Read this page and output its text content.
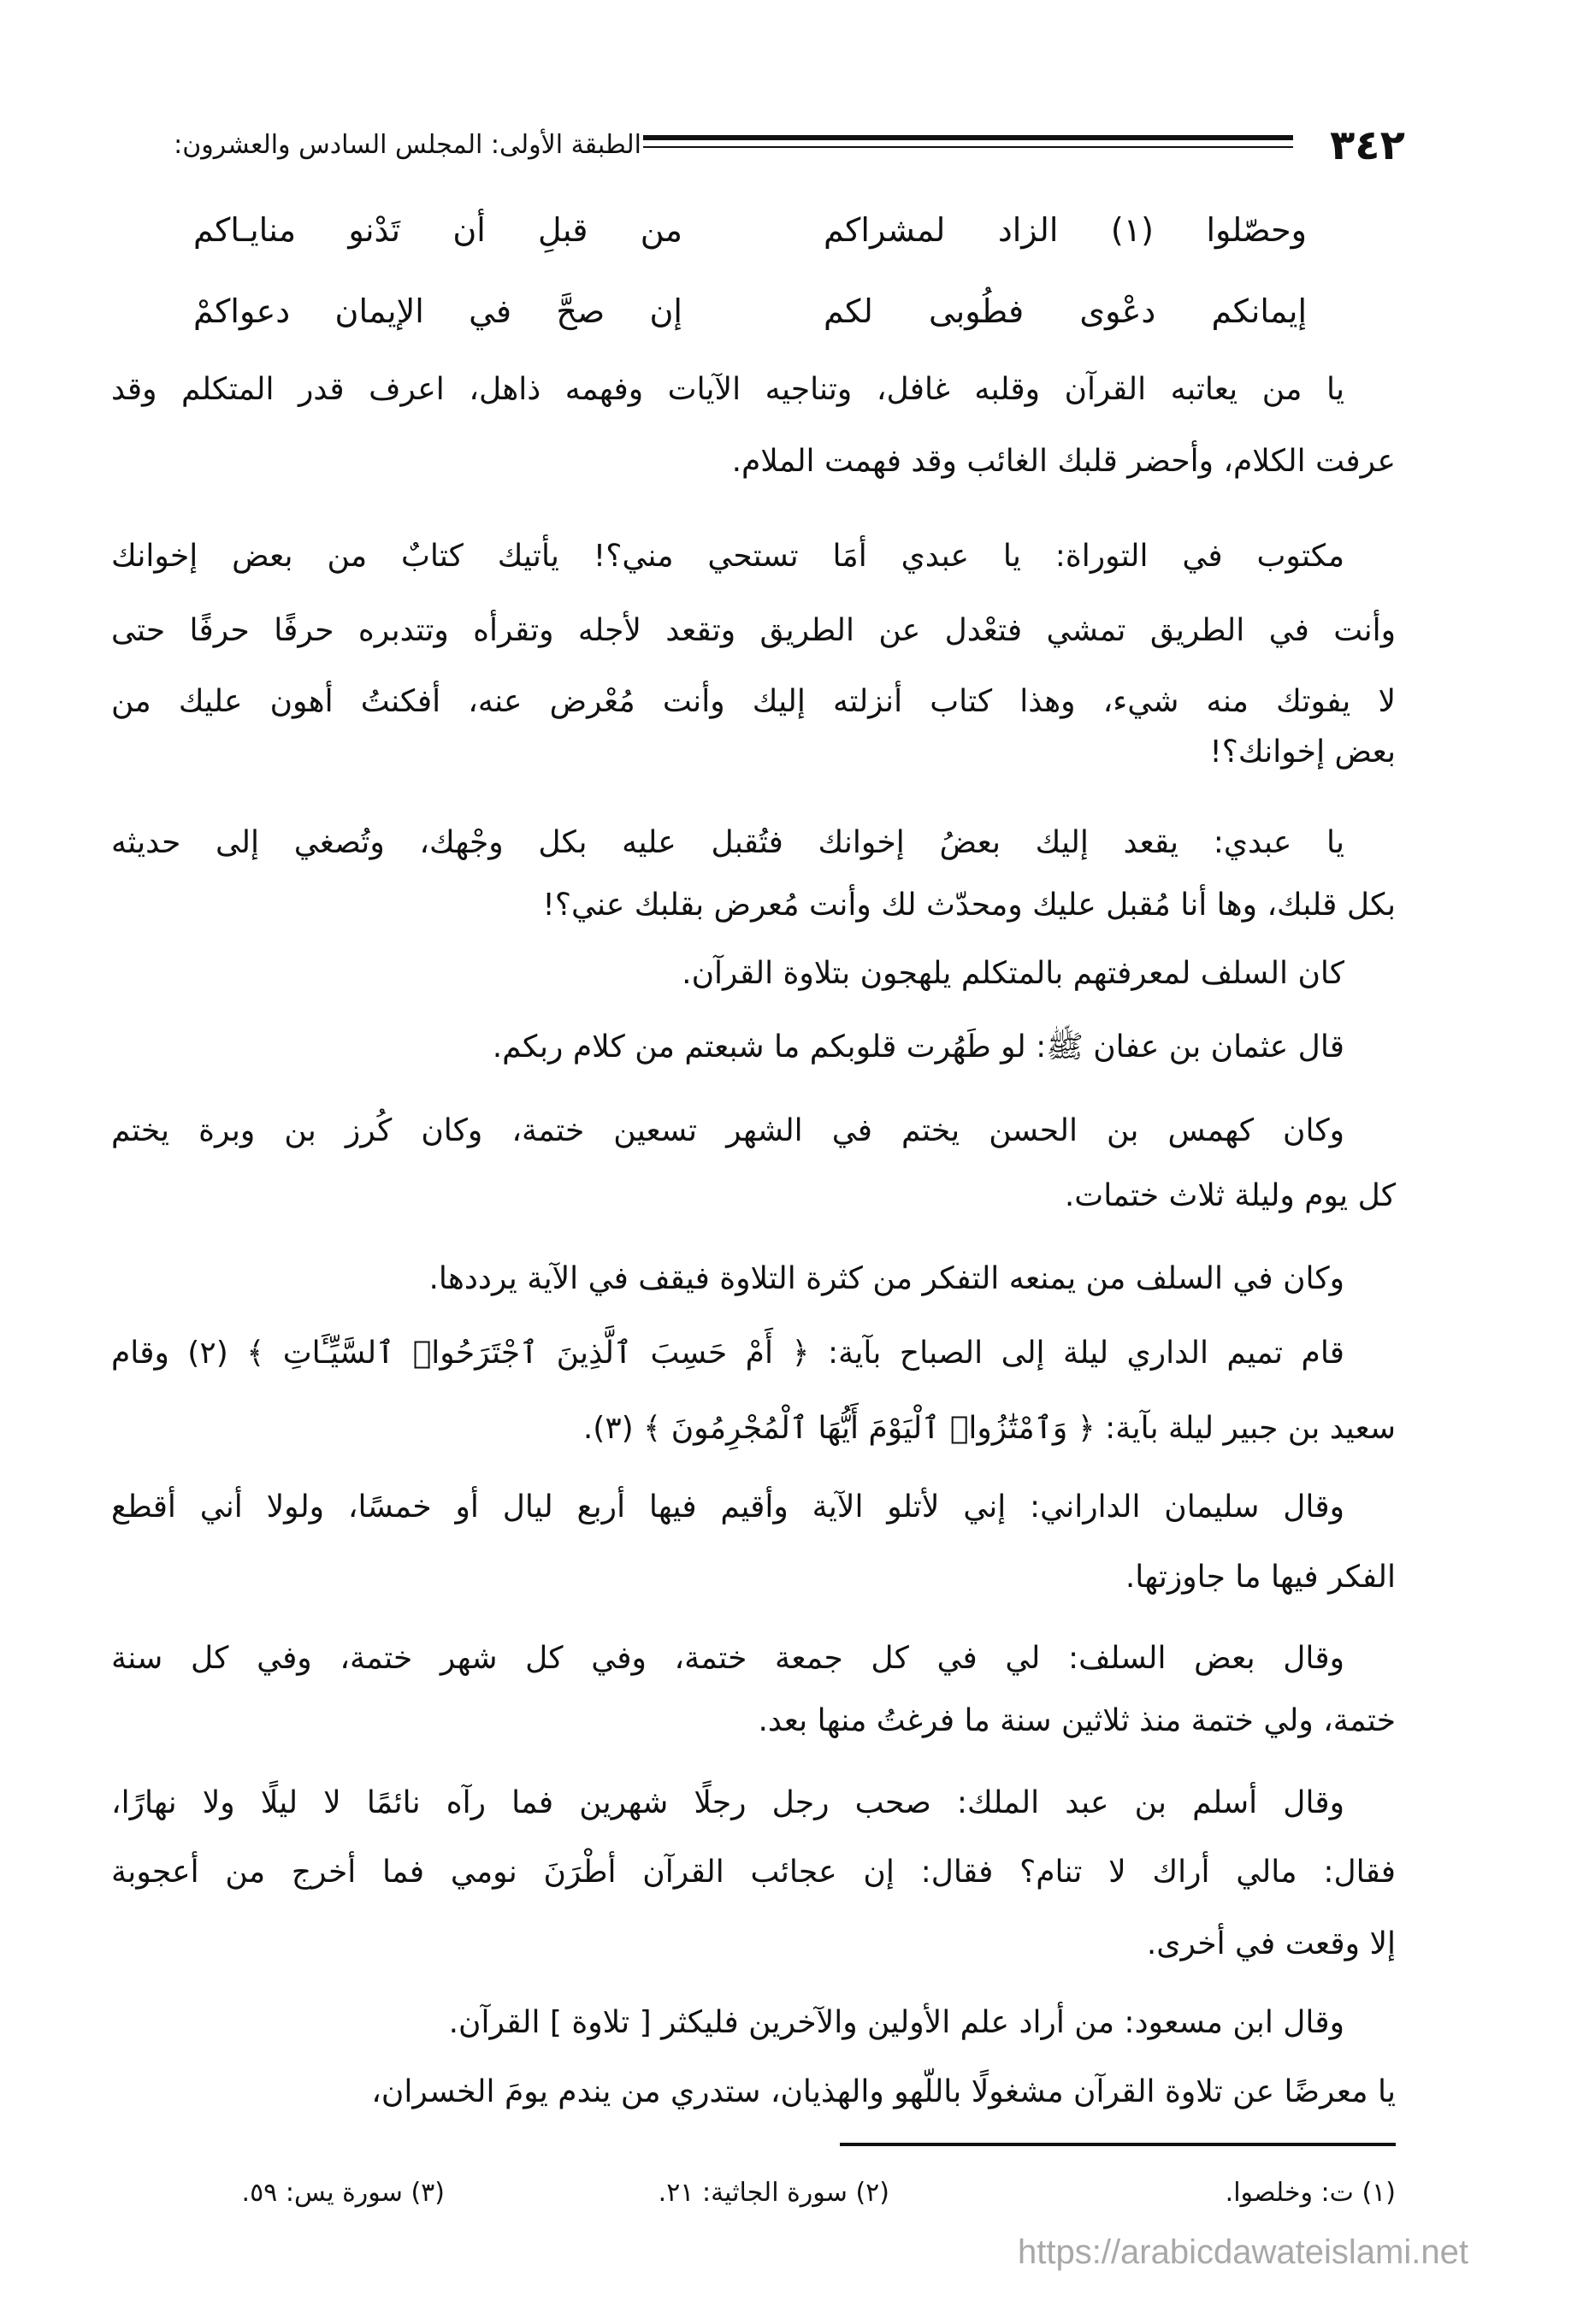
٣٤٢
الطبقة الأولى: المجلس السادس والعشرون:
وحصّلوا (١) الزاد لمشراكم
من قبلِ أن تَدْنو منايـاكم
إيمانكم دعْوى فطُوبى لكم
إن صحَّ في الإيمان دعواكمْ
يا من يعاتبه القرآن وقلبه غافل، وتناجيه الآيات وفهمه ذاهل، اعرف قدر المتكلم وقد
عرفت الكلام، وأحضر قلبك الغائب وقد فهمت الملام.
مكتوب في التوراة: يا عبدي أمَا تستحي مني؟! يأتيك كتابٌ من بعض إخوانك
وأنت في الطريق تمشي فتعْدل عن الطريق وتقعد لأجله وتقرأه وتتدبره حرفًا حرفًا حتى
لا يفوتك منه شيء، وهذا كتاب أنزلته إليك وأنت مُعْرض عنه، أفكنتُ أهون عليك من
بعض إخوانك؟!
يا عبدي: يقعد إليك بعضُ إخوانك فتُقبل عليه بكل وجْهك، وتُصغي إلى حديثه
بكل قلبك، وها أنا مُقبل عليك ومحدّث لك وأنت مُعرض بقلبك عني؟!
كان السلف لمعرفتهم بالمتكلم يلهجون بتلاوة القرآن.
قال عثمان بن عفان ﷺ: لو طَهُرت قلوبكم ما شبعتم من كلام ربكم.
وكان كهمس بن الحسن يختم في الشهر تسعين ختمة، وكان كُرز بن وبرة يختم
كل يوم وليلة ثلاث ختمات.
وكان في السلف من يمنعه التفكر من كثرة التلاوة فيقف في الآية يرددها.
قام تميم الداري ليلة إلى الصباح بآية: ﴿ أَمْ حَسِبَ ٱلَّذِينَ ٱجْتَرَحُوا۟ ٱلسَّيِّـَٔاتِ ﴾ (٢) وقام
سعيد بن جبير ليلة بآية: ﴿ وَٱمْتَٰزُوا۟ ٱلْيَوْمَ أَيُّهَا ٱلْمُجْرِمُونَ ﴾ (٣).
وقال سليمان الداراني: إني لأتلو الآية وأقيم فيها أربع ليال أو خمسًا، ولولا أني أقطع
الفكر فيها ما جاوزتها.
وقال بعض السلف: لي في كل جمعة ختمة، وفي كل شهر ختمة، وفي كل سنة
ختمة، ولي ختمة منذ ثلاثين سنة ما فرغتُ منها بعد.
وقال أسلم بن عبد الملك: صحب رجل رجلًا شهرين فما رآه نائمًا لا ليلًا ولا نهارًا،
فقال: مالي أراك لا تنام؟ فقال: إن عجائب القرآن أطْرَنَ نومي فما أخرج من أعجوبة
إلا وقعت في أخرى.
وقال ابن مسعود: من أراد علم الأولين والآخرين فليكثر [ تلاوة ] القرآن.
يا معرضًا عن تلاوة القرآن مشغولًا باللّهو والهذيان، ستدري من يندم يومَ الخسران،
(١) ت: وخلصوا.
(٢) سورة الجاثية: ٢١.
(٣) سورة يس: ٥٩.
https://arabicdawateislami.net
